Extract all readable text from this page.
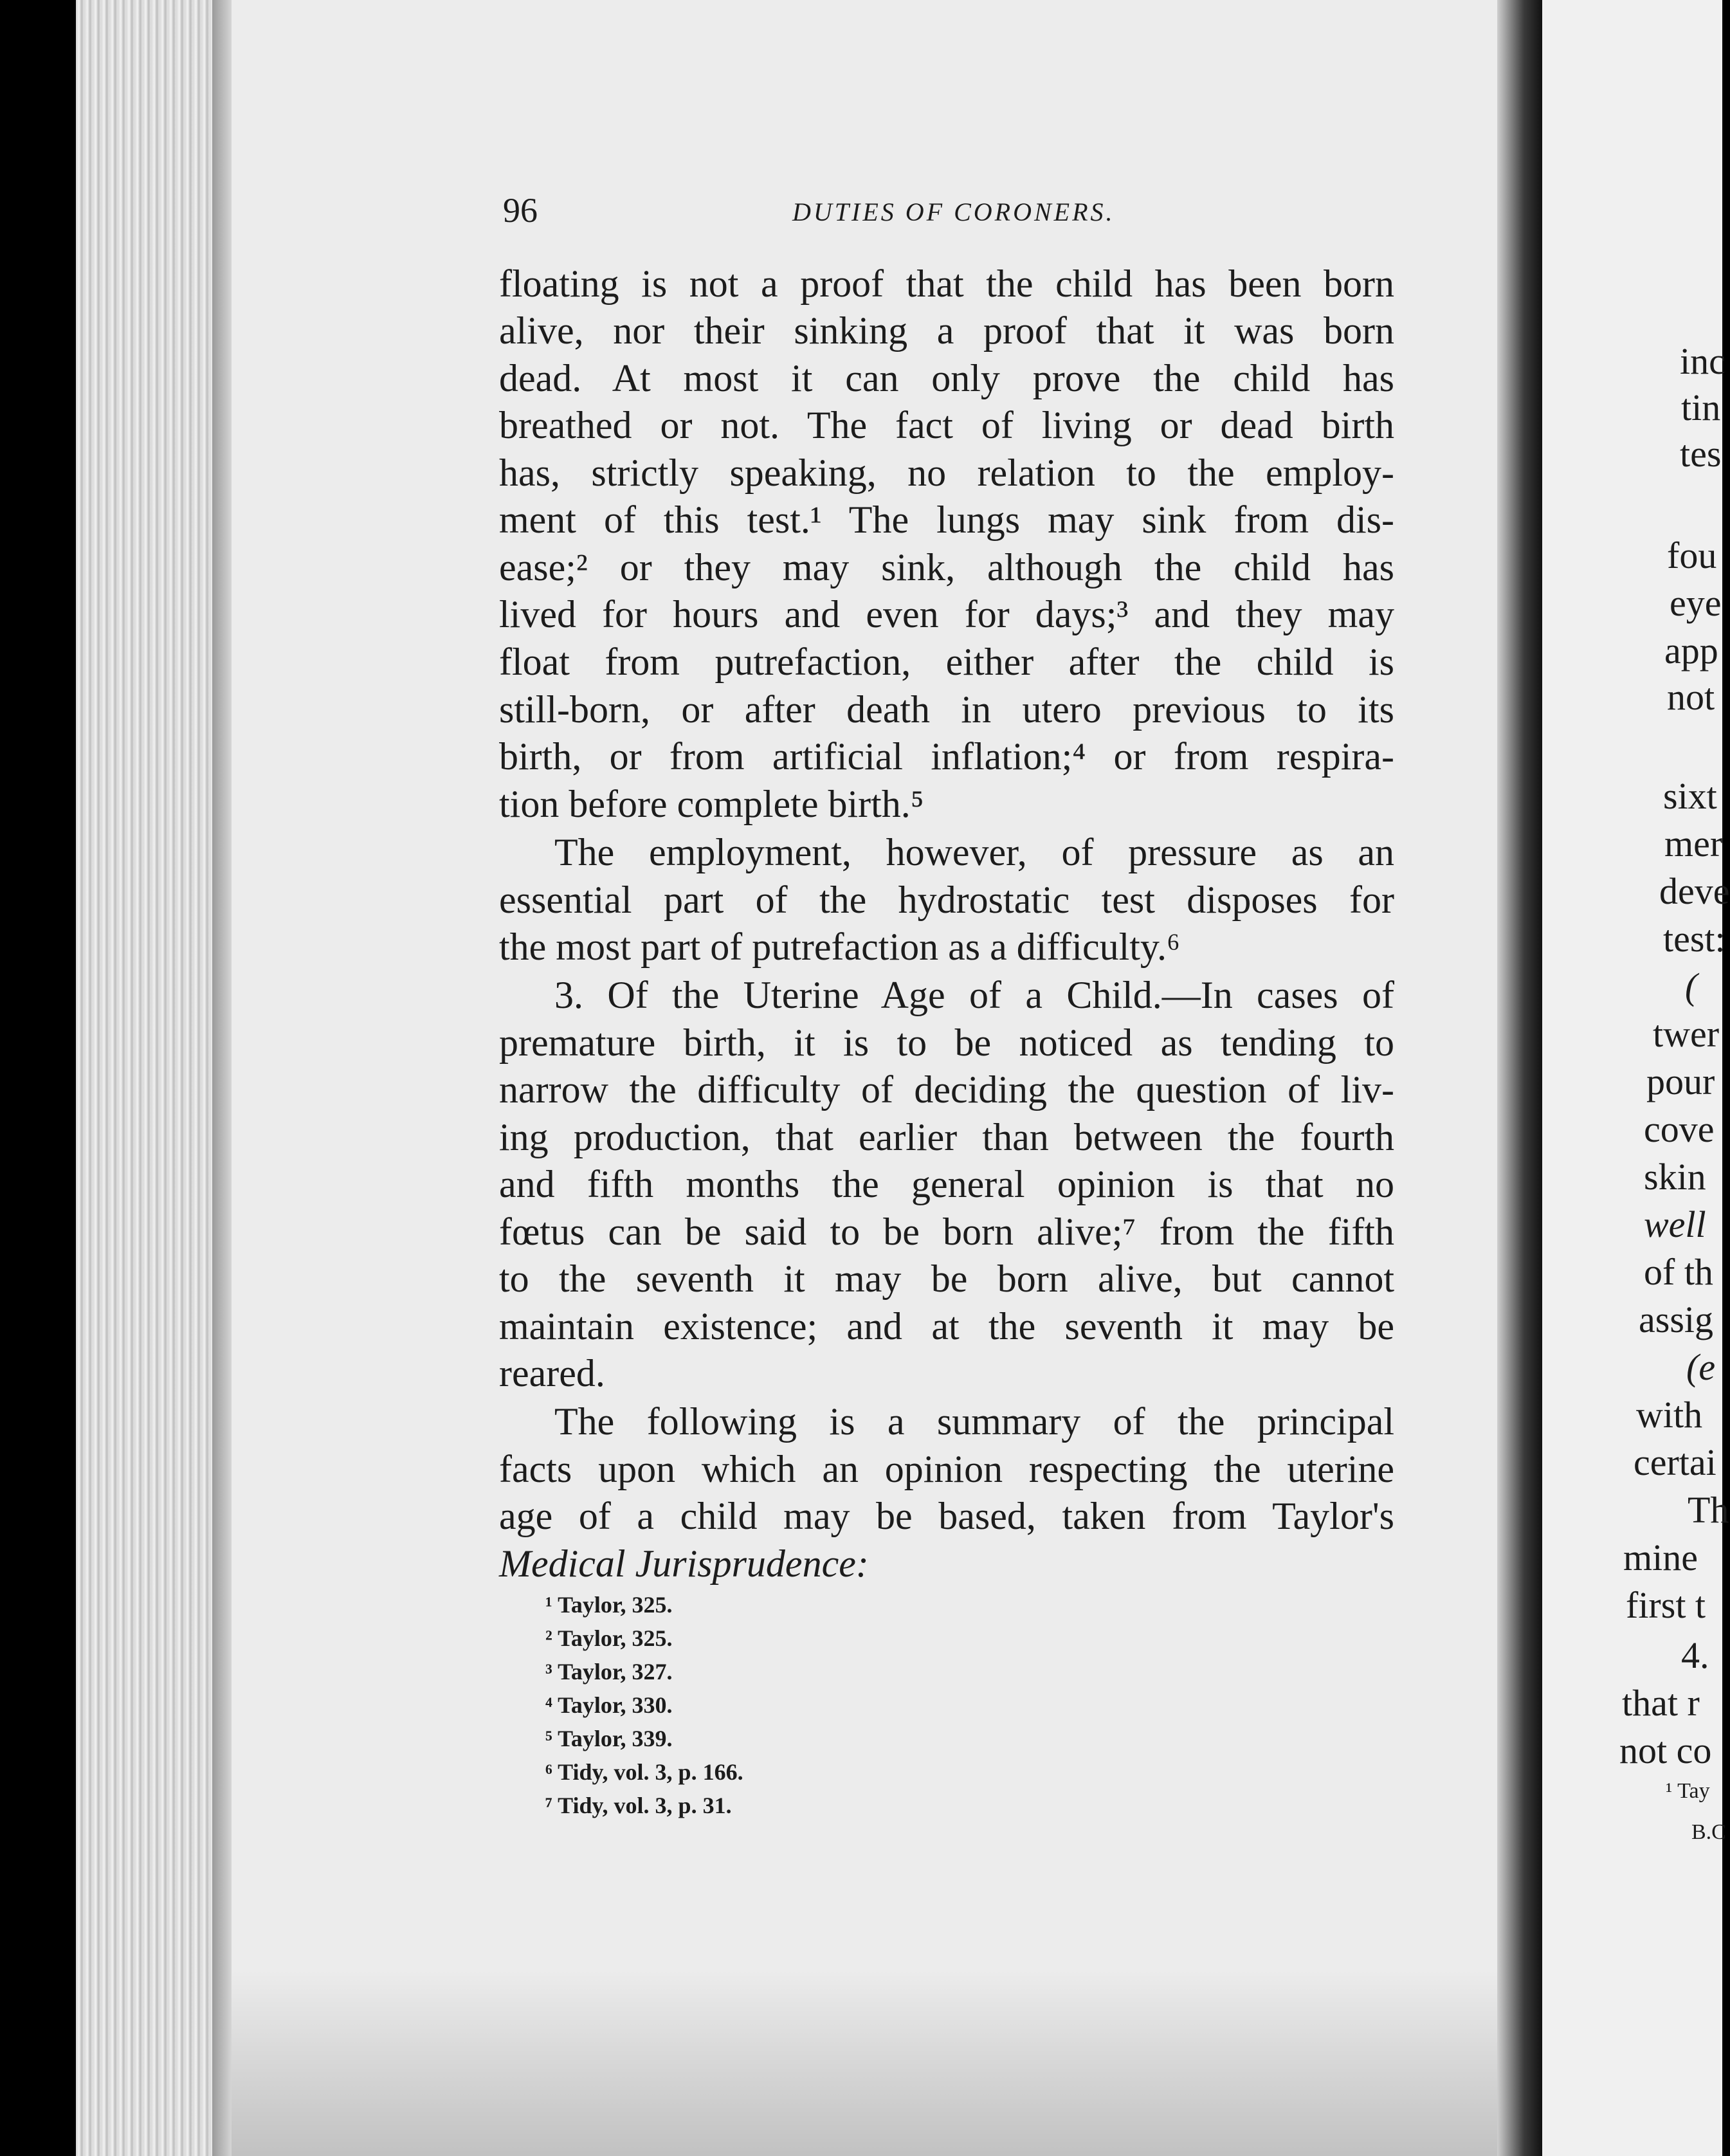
96	DUTIES OF CORONERS.
floating is not a proof that the child has been born
alive, nor their sinking a proof that it was born
dead. At most it can only prove the child has
breathed or not. The fact of living or dead birth
has, strictly speaking, no relation to the employ-
ment of this test.¹ The lungs may sink from dis-
ease;² or they may sink, although the child has
lived for hours and even for days;³ and they may
float from putrefaction, either after the child is
still-born, or after death in utero previous to its
birth, or from artificial inflation;⁴ or from respira-
tion before complete birth.⁵
The employment, however, of pressure as an
essential part of the hydrostatic test disposes for
the most part of putrefaction as a difficulty.⁶
3. Of the Uterine Age of a Child.—In cases of
premature birth, it is to be noticed as tending to
narrow the difficulty of deciding the question of liv-
ing production, that earlier than between the fourth
and fifth months the general opinion is that no
fœtus can be said to be born alive;⁷ from the fifth
to the seventh it may be born alive, but cannot
maintain existence; and at the seventh it may be
reared.
The following is a summary of the principal
facts upon which an opinion respecting the uterine
age of a child may be based, taken from Taylor's
Medical Jurisprudence:
¹ Taylor, 325.
² Taylor, 325.
³ Taylor, 327.
⁴ Taylor, 330.
⁵ Taylor, 339.
⁶ Tidy, vol. 3, p. 166.
⁷ Tidy, vol. 3, p. 31.
inc
tin
tes
fou
eye
app
not
sixt
mer
deve
test:
(
twer
pour
cove
skin
well
of th
assig
(e
with
certai
Th
mine
first t
4.
that r
not co
¹ Tay
B.C
